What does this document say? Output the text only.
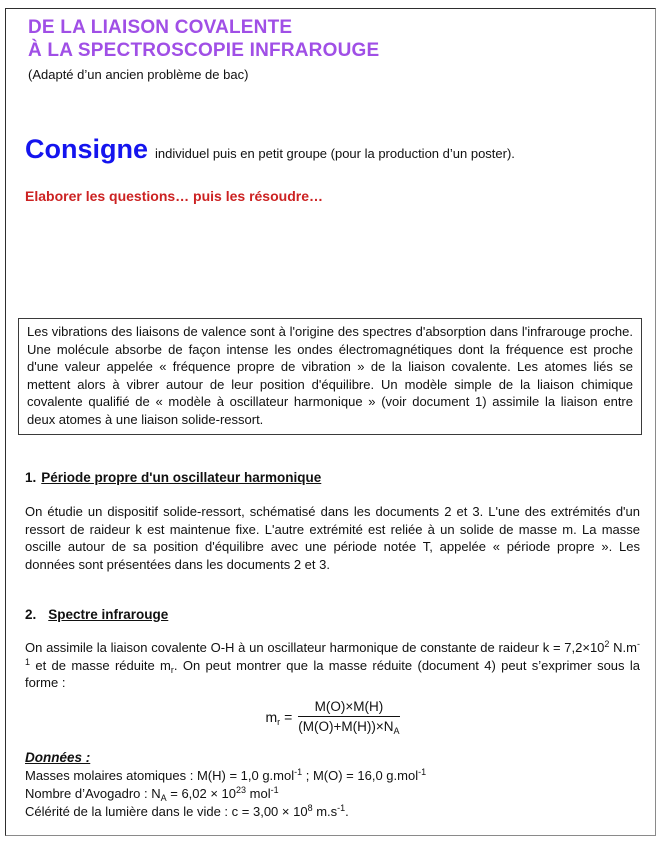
DE LA LIAISON COVALENTE
À LA SPECTROSCOPIE INFRAROUGE
(Adapté d’un ancien problème de bac)
Consigne individuel puis en petit groupe (pour la production d’un poster).
Elaborer les questions… puis les résoudre…
Les vibrations des liaisons de valence sont à l'origine des spectres d'absorption dans l'infrarouge proche. Une molécule absorbe de façon intense les ondes électromagnétiques dont la fréquence est proche d'une valeur appelée « fréquence propre de vibration » de la liaison covalente. Les atomes liés se mettent alors à vibrer autour de leur position d'équilibre. Un modèle simple de la liaison chimique covalente qualifié de « modèle à oscillateur harmonique » (voir document 1) assimile la liaison entre deux atomes à une liaison solide-ressort.
1. Période propre d'un oscillateur harmonique

On étudie un dispositif solide-ressort, schématisé dans les documents 2 et 3. L'une des extrémités d'un ressort de raideur k est maintenue fixe. L'autre extrémité est reliée à un solide de masse m. La masse oscille autour de sa position d'équilibre avec une période notée T, appelée « période propre ». Les données sont présentées dans les documents 2 et 3.

2. Spectre infrarouge

On assimile la liaison covalente O-H à un oscillateur harmonique de constante de raideur $k = 7,2\times 10^2$ $N.m^{-1}$ et de masse réduite $m_r$. On peut montrer que la masse réduite (document 4) peut s’exprimer sous la forme :

$m_r = \frac{M(O)\times M(H)}{(M(O)+M(H))\times N_A}$
Données :
Masses molaires atomiques : M(H) = 1,0 g.mol$^{-1}$ ; M(O) = 16,0 g.mol$^{-1}$
Nombre d’Avogadro : $N_A = 6,02 \times 10^{23}$ mol$^{-1}$
Célérité de la lumière dans le vide : $c = 3,00 \times 10^8$ $m.s^{-1}$.
